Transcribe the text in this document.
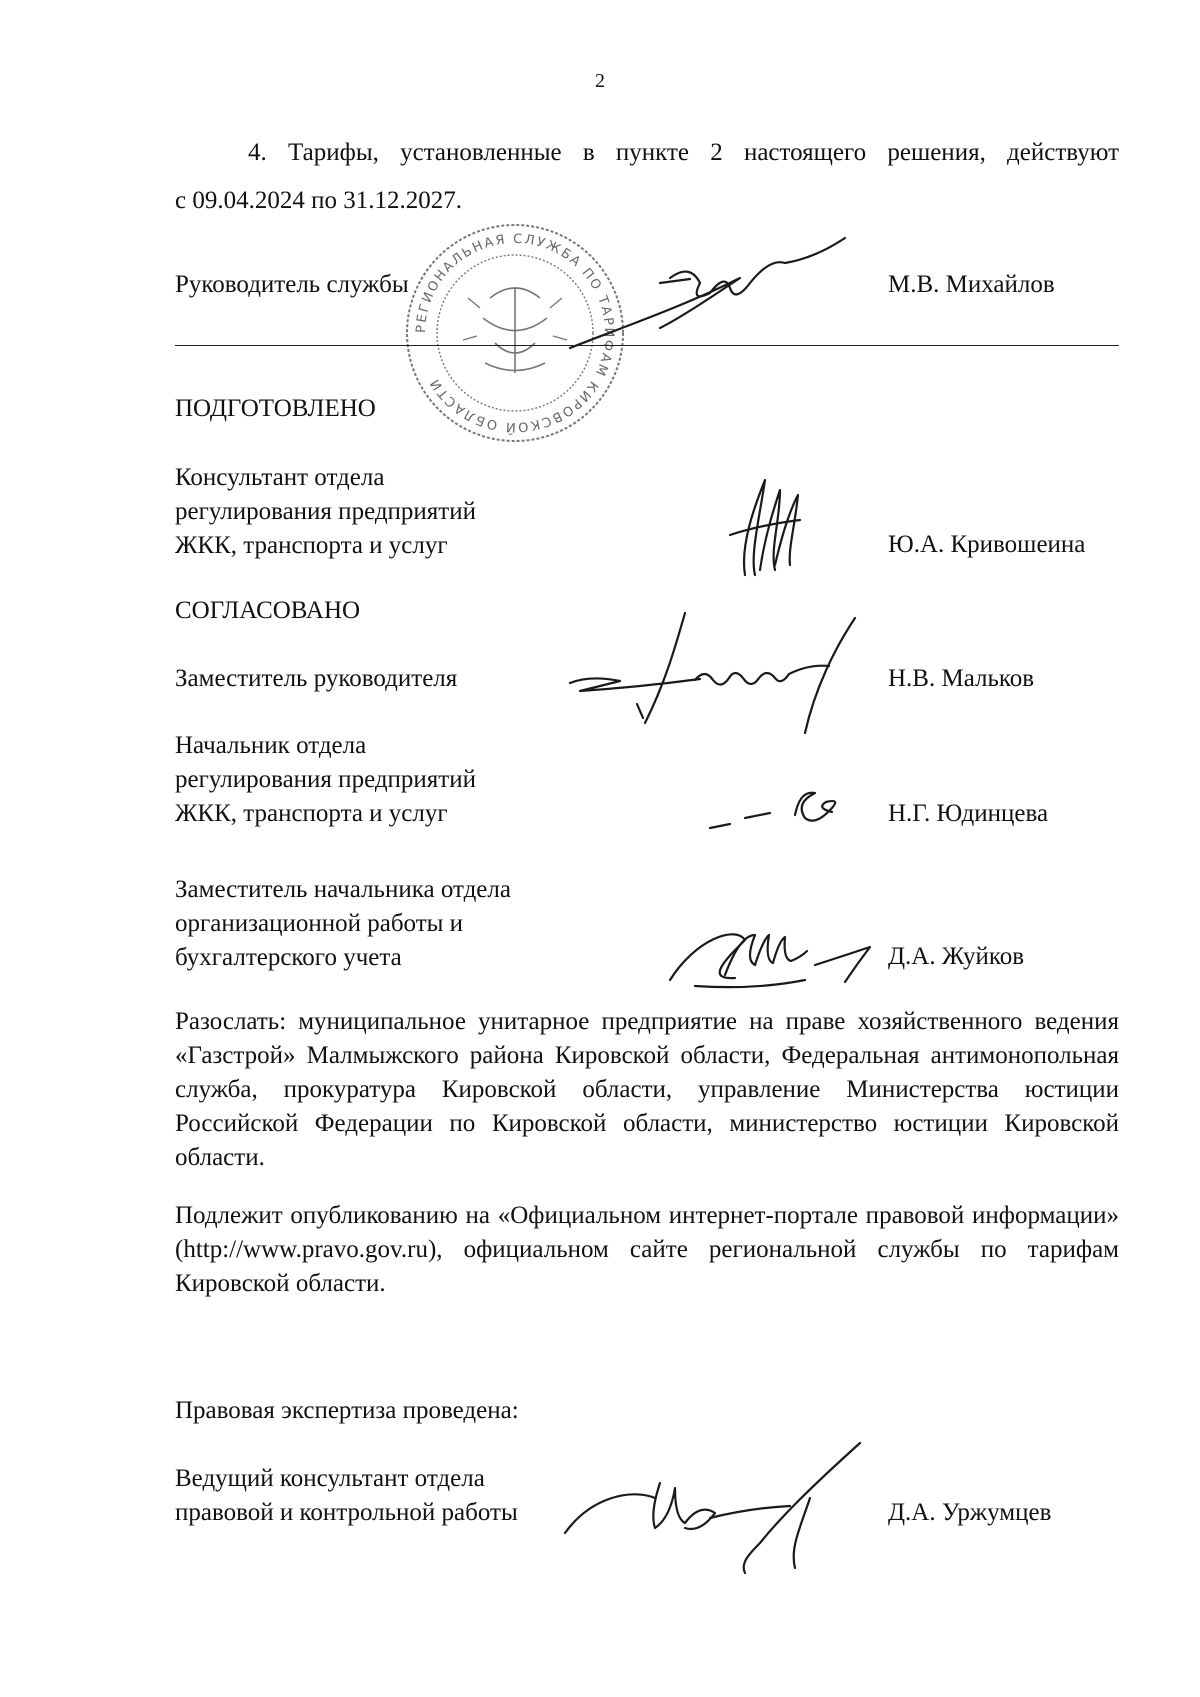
2
4. Тарифы, установленные в пункте 2 настоящего решения, действуют
с 09.04.2024 по 31.12.2027.
РЕГИОНАЛЬНАЯ СЛУЖБА ПО ТАРИФАМ КИРОВСКОЙ ОБЛАСТИ
Руководитель службы	М.В. Михайлов
ПОДГОТОВЛЕНО
Консультант отдела
регулирования предприятий
ЖКК, транспорта и услуг	Ю.А. Кривошеина
СОГЛАСОВАНО
Заместитель руководителя	Н.В. Мальков
Начальник отдела
регулирования предприятий
ЖКК, транспорта и услуг	Н.Г. Юдинцева
Заместитель начальника отдела
организационной работы и
бухгалтерского учета	Д.А. Жуйков
Разослать: муниципальное унитарное предприятие на праве хозяйственного ведения «Газстрой» Малмыжского района Кировской области, Федеральная антимонопольная служба, прокуратура Кировской области, управление Министерства юстиции Российской Федерации по Кировской области, министерство юстиции Кировской области.
Подлежит опубликованию на «Официальном интернет-портале правовой информации» (http://www.pravo.gov.ru), официальном сайте региональной службы по тарифам Кировской области.
Правовая экспертиза проведена:
Ведущий консультант отдела
правовой и контрольной работы	Д.А. Уржумцев
